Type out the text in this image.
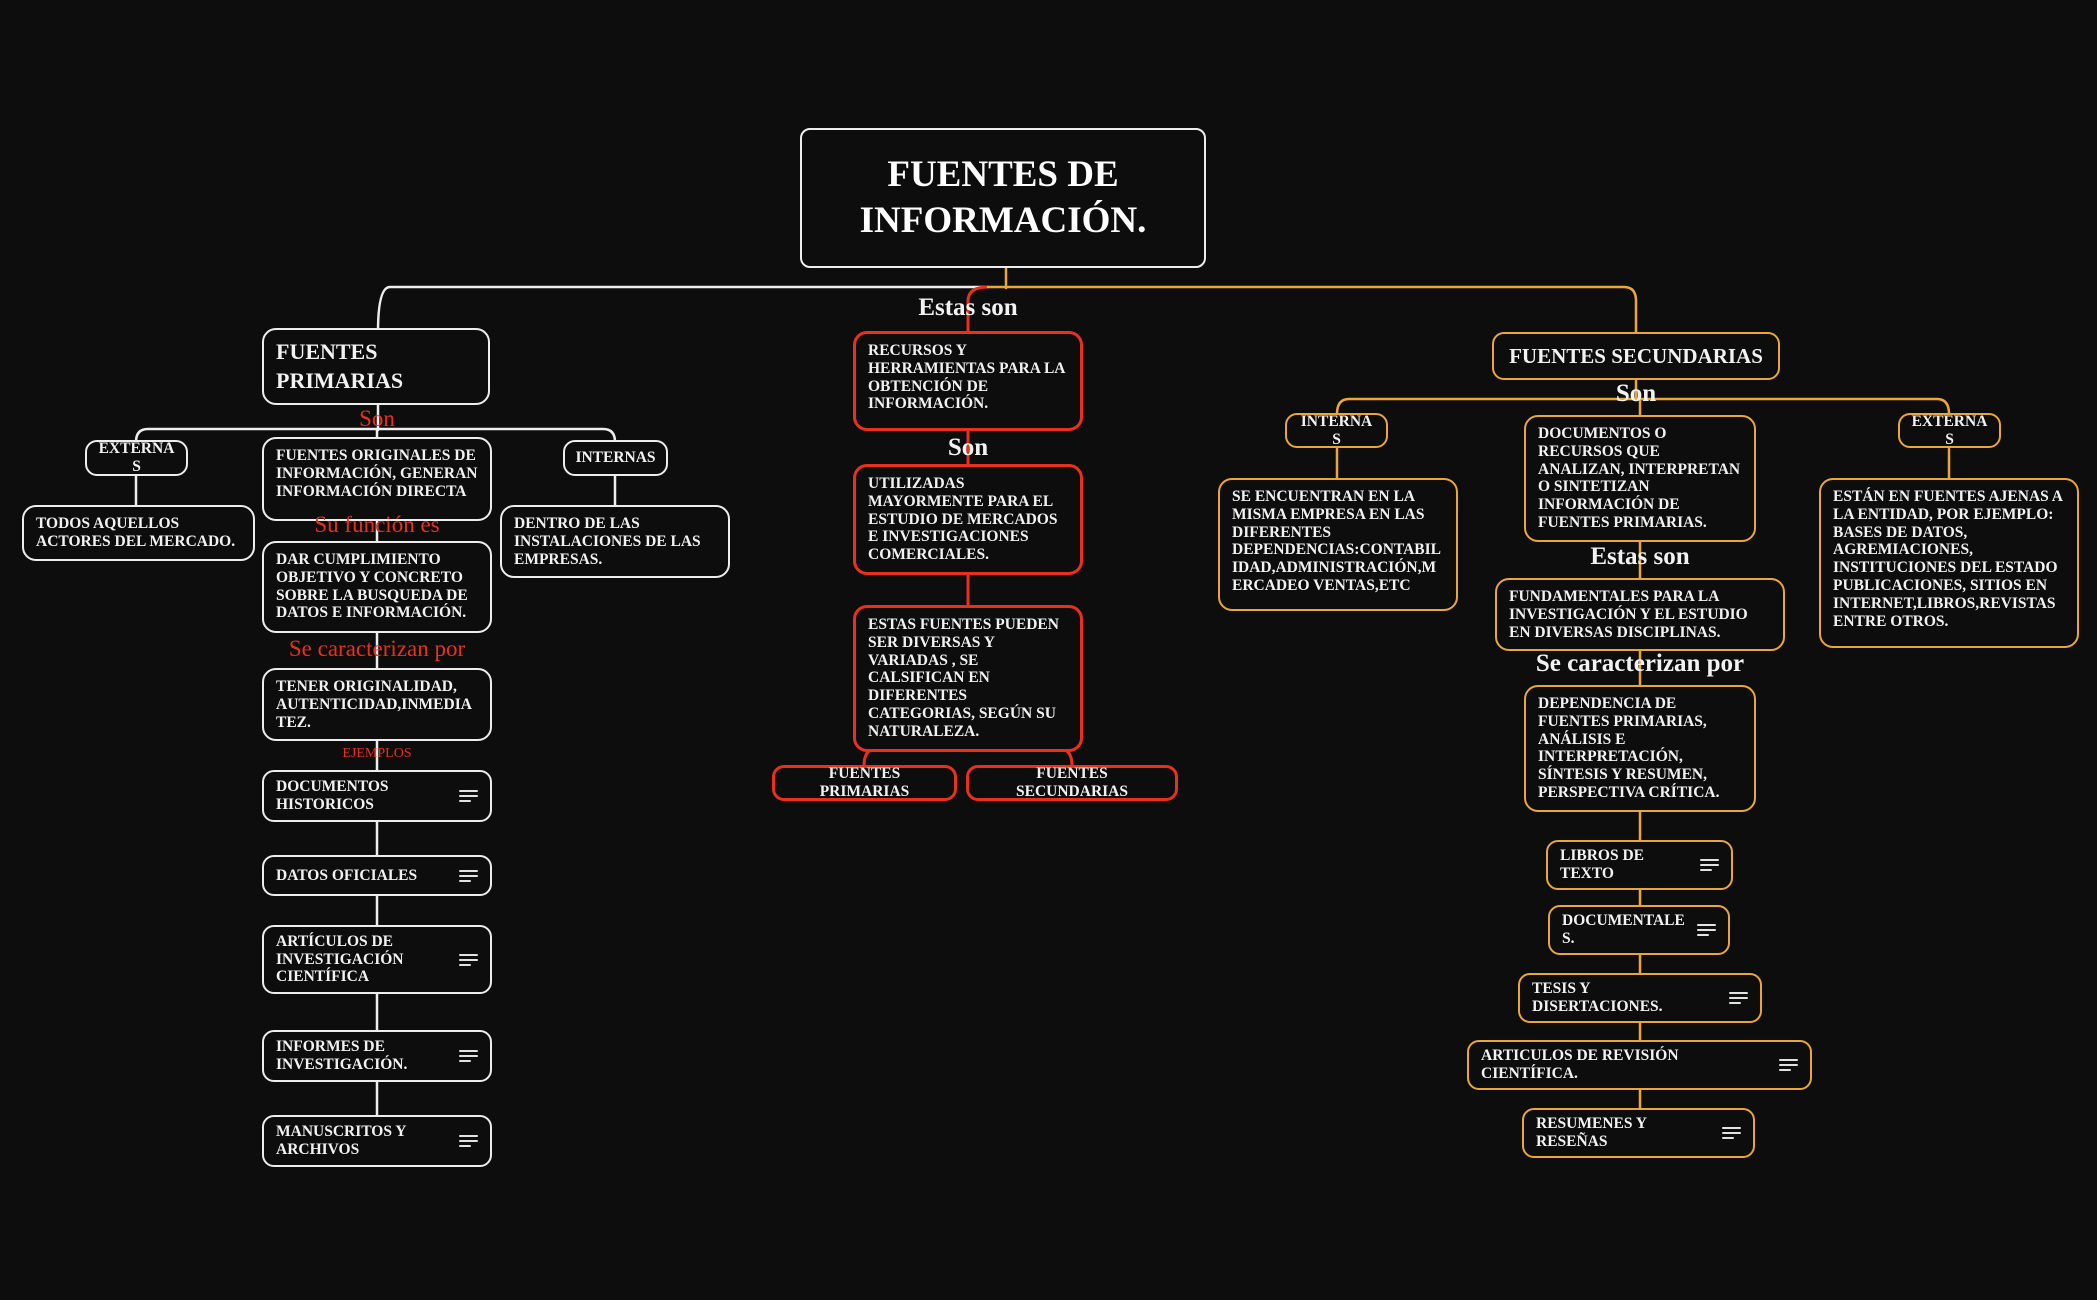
FUENTES DE INFORMACIÓN.
FUENTES PRIMARIAS
Son
EXTERNAS
TODOS AQUELLOS ACTORES DEL MERCADO.
FUENTES ORIGINALES DE INFORMACIÓN, GENERAN INFORMACIÓN DIRECTA
Su función es
DAR CUMPLIMIENTO OBJETIVO Y CONCRETO SOBRE LA BUSQUEDA DE DATOS E INFORMACIÓN.
Se caracterizan por
TENER ORIGINALIDAD, AUTENTICIDAD,INMEDIATEZ.
EJEMPLOS
DOCUMENTOS HISTORICOS
DATOS OFICIALES
ARTÍCULOS DE INVESTIGACIÓN CIENTÍFICA
INFORMES DE INVESTIGACIÓN.
MANUSCRITOS Y ARCHIVOS
INTERNAS
DENTRO DE LAS INSTALACIONES DE LAS EMPRESAS.
Estas son
RECURSOS Y HERRAMIENTAS PARA LA OBTENCIÓN DE INFORMACIÓN.
Son
UTILIZADAS MAYORMENTE PARA EL ESTUDIO DE MERCADOS E INVESTIGACIONES COMERCIALES.
ESTAS FUENTES PUEDEN SER DIVERSAS Y VARIADAS , SE CALSIFICAN EN DIFERENTES CATEGORIAS, SEGÚN SU NATURALEZA.
FUENTES PRIMARIAS
FUENTES SECUNDARIAS
FUENTES SECUNDARIAS
Son
INTERNAS
SE ENCUENTRAN EN LA MISMA EMPRESA EN LAS DIFERENTES DEPENDENCIAS:CONTABILIDAD,ADMINISTRACIÓN,MERCADEO VENTAS,ETC
DOCUMENTOS O RECURSOS QUE ANALIZAN, INTERPRETAN O SINTETIZAN INFORMACIÓN DE FUENTES PRIMARIAS.
Estas son
FUNDAMENTALES PARA LA INVESTIGACIÓN Y EL ESTUDIO EN DIVERSAS DISCIPLINAS.
Se caracterizan por
DEPENDENCIA DE FUENTES PRIMARIAS, ANÁLISIS E INTERPRETACIÓN, SÍNTESIS Y RESUMEN, PERSPECTIVA CRÍTICA.
LIBROS DE TEXTO
DOCUMENTALES.
TESIS Y DISERTACIONES.
ARTICULOS DE REVISIÓN CIENTÍFICA.
RESUMENES Y RESEÑAS
EXTERNAS
ESTÁN EN FUENTES AJENAS A LA ENTIDAD, POR EJEMPLO: BASES DE DATOS, AGREMIACIONES, INSTITUCIONES DEL ESTADO PUBLICACIONES, SITIOS EN INTERNET,LIBROS,REVISTAS ENTRE OTROS.
